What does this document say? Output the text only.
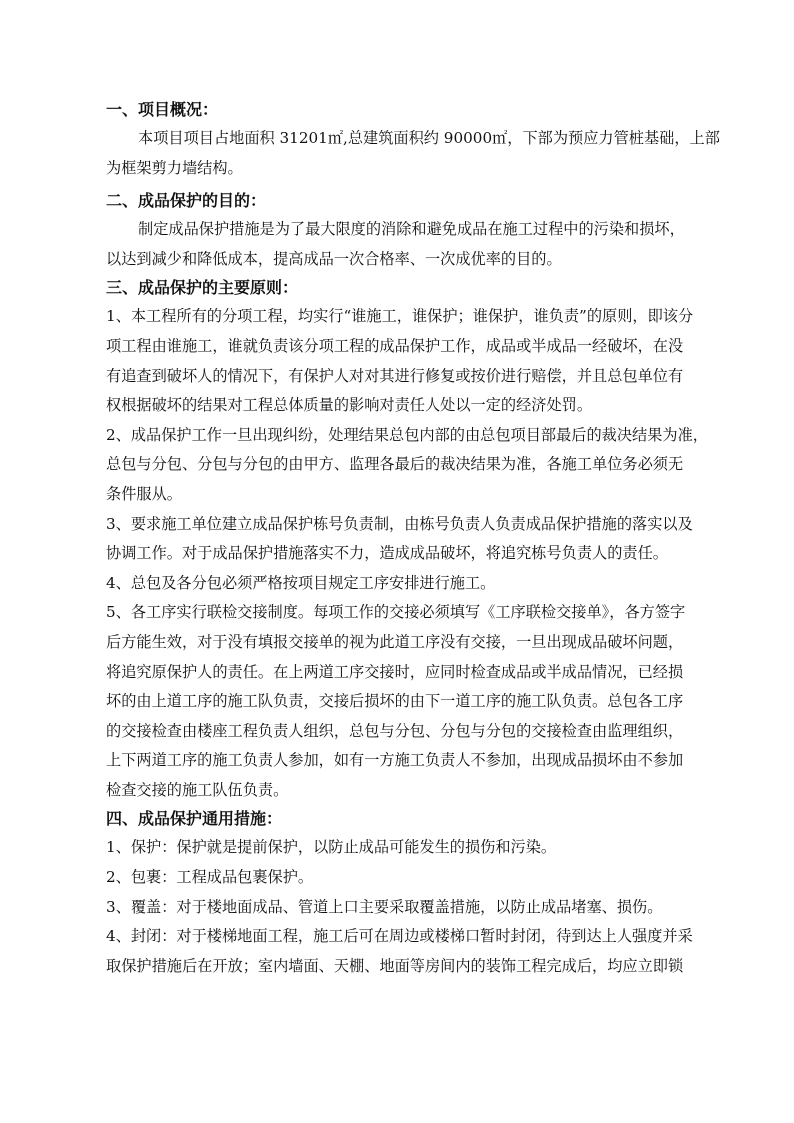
一、项目概况：
本项目项目占地面积 31201㎡,总建筑面积约 90000㎡，下部为预应力管桩基础，上部
为框架剪力墙结构。
二、成品保护的目的：
制定成品保护措施是为了最大限度的消除和避免成品在施工过程中的污染和损坏，
以达到减少和降低成本，提高成品一次合格率、一次成优率的目的。
三、成品保护的主要原则：
1、本工程所有的分项工程，均实行“谁施工，谁保护；谁保护，谁负责”的原则，即该分
项工程由谁施工，谁就负责该分项工程的成品保护工作，成品或半成品一经破坏，在没
有追查到破坏人的情况下，有保护人对对其进行修复或按价进行赔偿，并且总包单位有
权根据破坏的结果对工程总体质量的影响对责任人处以一定的经济处罚。
2、成品保护工作一旦出现纠纷，处理结果总包内部的由总包项目部最后的裁决结果为准，
总包与分包、分包与分包的由甲方、监理各最后的裁决结果为准，各施工单位务必须无
条件服从。
3、要求施工单位建立成品保护栋号负责制，由栋号负责人负责成品保护措施的落实以及
协调工作。对于成品保护措施落实不力，造成成品破坏，将追究栋号负责人的责任。
4、总包及各分包必须严格按项目规定工序安排进行施工。
5、各工序实行联检交接制度。每项工作的交接必须填写《工序联检交接单》，各方签字
后方能生效，对于没有填报交接单的视为此道工序没有交接，一旦出现成品破坏问题，
将追究原保护人的责任。在上两道工序交接时，应同时检查成品或半成品情况，已经损
坏的由上道工序的施工队负责，交接后损坏的由下一道工序的施工队负责。总包各工序
的交接检查由楼座工程负责人组织，总包与分包、分包与分包的交接检查由监理组织，
上下两道工序的施工负责人参加，如有一方施工负责人不参加，出现成品损坏由不参加
检查交接的施工队伍负责。
四、成品保护通用措施：
1、保护：保护就是提前保护，以防止成品可能发生的损伤和污染。
2、包裹：工程成品包裹保护。
3、覆盖：对于楼地面成品、管道上口主要采取覆盖措施，以防止成品堵塞、损伤。
4、封闭：对于楼梯地面工程，施工后可在周边或楼梯口暂时封闭，待到达上人强度并采
取保护措施后在开放；室内墙面、天棚、地面等房间内的装饰工程完成后，均应立即锁
